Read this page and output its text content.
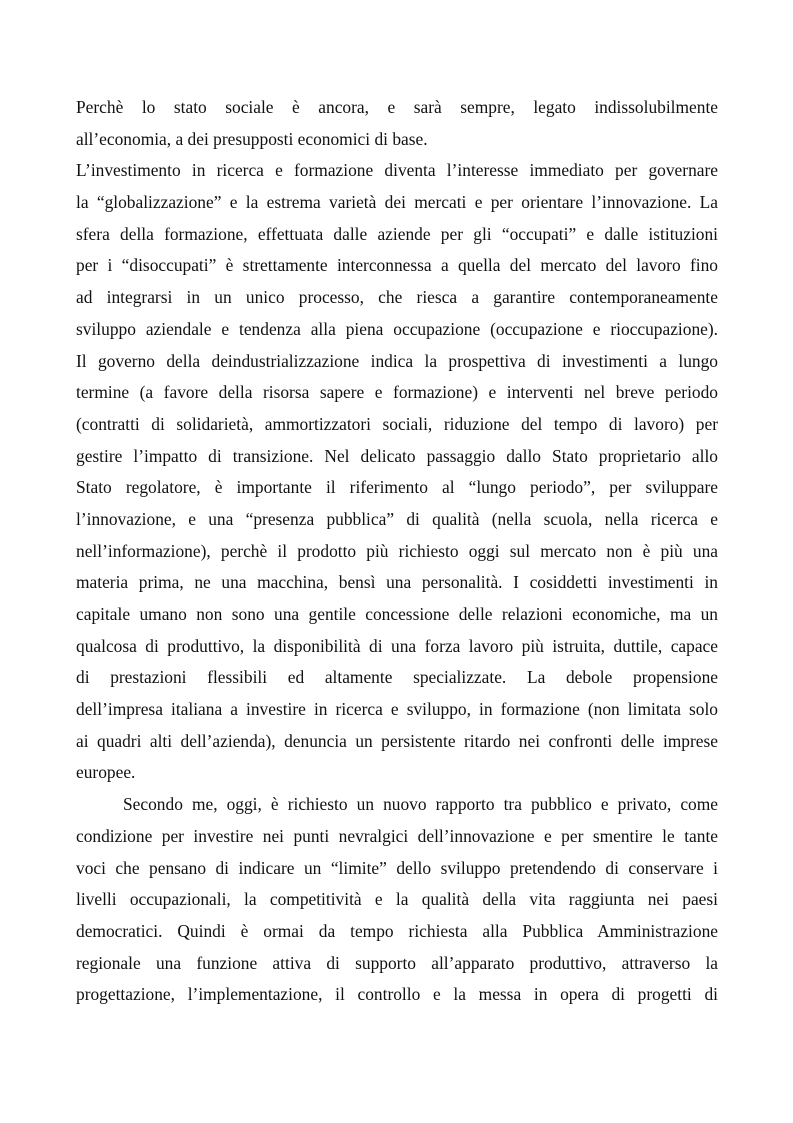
Perchè lo stato sociale è ancora, e sarà sempre, legato indissolubilmente
all’economia, a dei presupposti economici di base.
L’investimento in ricerca e formazione diventa l’interesse immediato per governare
la “globalizzazione” e la estrema varietà dei mercati e per orientare l’innovazione. La
sfera della formazione, effettuata dalle aziende per gli “occupati” e dalle istituzioni
per i “disoccupati” è strettamente interconnessa a quella del mercato del lavoro fino
ad integrarsi in un unico processo, che riesca a garantire contemporaneamente
sviluppo aziendale e tendenza alla piena occupazione (occupazione e rioccupazione).
Il governo della deindustrializzazione indica la prospettiva di investimenti a lungo
termine (a favore della risorsa sapere e formazione) e interventi nel breve periodo
(contratti di solidarietà, ammortizzatori sociali, riduzione del tempo di lavoro) per
gestire l’impatto di transizione. Nel delicato passaggio dallo Stato proprietario allo
Stato regolatore, è importante il riferimento al “lungo periodo”, per sviluppare
l’innovazione, e una “presenza pubblica” di qualità (nella scuola, nella ricerca e
nell’informazione), perchè il prodotto più richiesto oggi sul mercato non è più una
materia prima, ne una macchina, bensì una personalità. I cosiddetti investimenti in
capitale umano non sono una gentile concessione delle relazioni economiche, ma un
qualcosa di produttivo, la disponibilità di una forza lavoro più istruita, duttile, capace
di prestazioni flessibili ed altamente specializzate. La debole propensione
dell’impresa italiana a investire in ricerca e sviluppo, in formazione (non limitata solo
ai quadri alti dell’azienda), denuncia un persistente ritardo nei confronti delle imprese
europee.
Secondo me, oggi, è richiesto un nuovo rapporto tra pubblico e privato, come
condizione per investire nei punti nevralgici dell’innovazione e per smentire le tante
voci che pensano di indicare un “limite” dello sviluppo pretendendo di conservare i
livelli occupazionali, la competitività e la qualità della vita raggiunta nei paesi
democratici. Quindi è ormai da tempo richiesta alla Pubblica Amministrazione
regionale una funzione attiva di supporto all’apparato produttivo, attraverso la
progettazione, l’implementazione, il controllo e la messa in opera di progetti di
